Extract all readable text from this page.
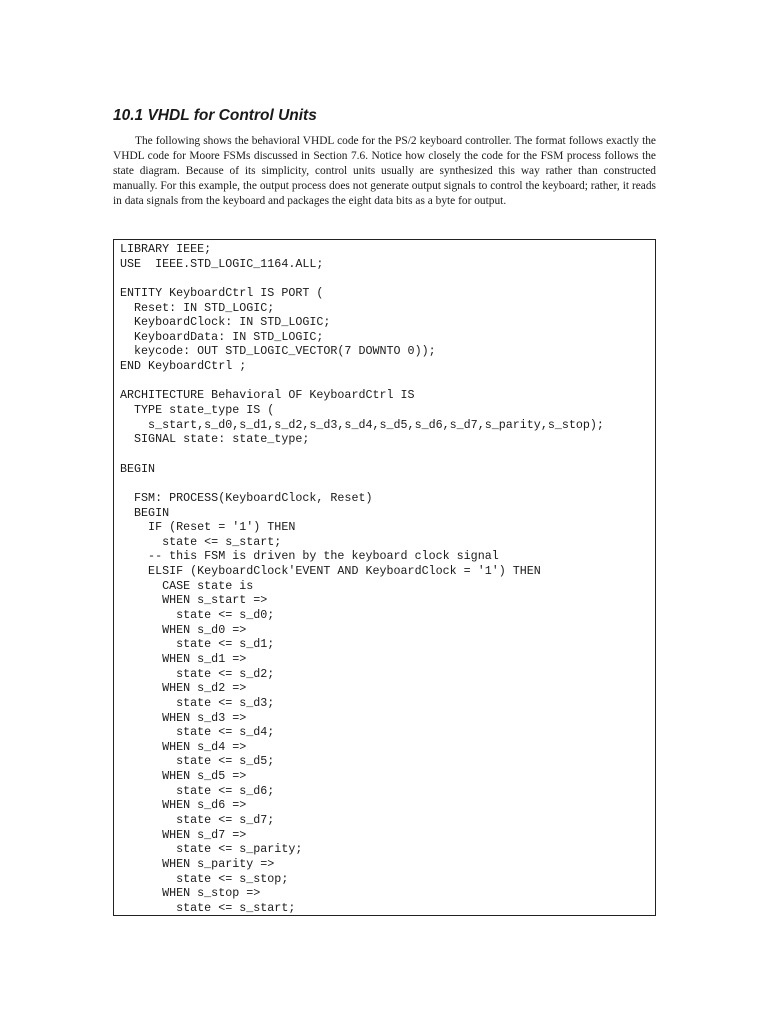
10.1 VHDL for Control Units

The following shows the behavioral VHDL code for the PS/2 keyboard controller. The format follows exactly the VHDL code for Moore FSMs discussed in Section 7.6. Notice how closely the code for the FSM process follows the state diagram. Because of its simplicity, control units usually are synthesized this way rather than constructed manually. For this example, the output process does not generate output signals to control the keyboard; rather, it reads in data signals from the keyboard and packages the eight data bits as a byte for output.

LIBRARY IEEE;
USE  IEEE.STD_LOGIC_1164.ALL;
ENTITY KeyboardCtrl IS PORT (
Reset: IN STD_LOGIC;
KeyboardClock: IN STD_LOGIC;
KeyboardData: IN STD_LOGIC;
keycode: OUT STD_LOGIC_VECTOR(7 DOWNTO 0));
END KeyboardCtrl ;
ARCHITECTURE Behavioral OF KeyboardCtrl IS
TYPE state_type IS (
s_start,s_d0,s_d1,s_d2,s_d3,s_d4,s_d5,s_d6,s_d7,s_parity,s_stop);
SIGNAL state: state_type;
BEGIN
FSM: PROCESS(KeyboardClock, Reset)
BEGIN
IF (Reset = '1') THEN
state <= s_start;
-- this FSM is driven by the keyboard clock signal
ELSIF (KeyboardClock'EVENT AND KeyboardClock = '1') THEN
CASE state is
WHEN s_start =>
state <= s_d0;
WHEN s_d0 =>
state <= s_d1;
WHEN s_d1 =>
state <= s_d2;
WHEN s_d2 =>
state <= s_d3;
WHEN s_d3 =>
state <= s_d4;
WHEN s_d4 =>
state <= s_d5;
WHEN s_d5 =>
state <= s_d6;
WHEN s_d6 =>
state <= s_d7;
WHEN s_d7 =>
state <= s_parity;
WHEN s_parity =>
state <= s_stop;
WHEN s_stop =>
state <= s_start;
